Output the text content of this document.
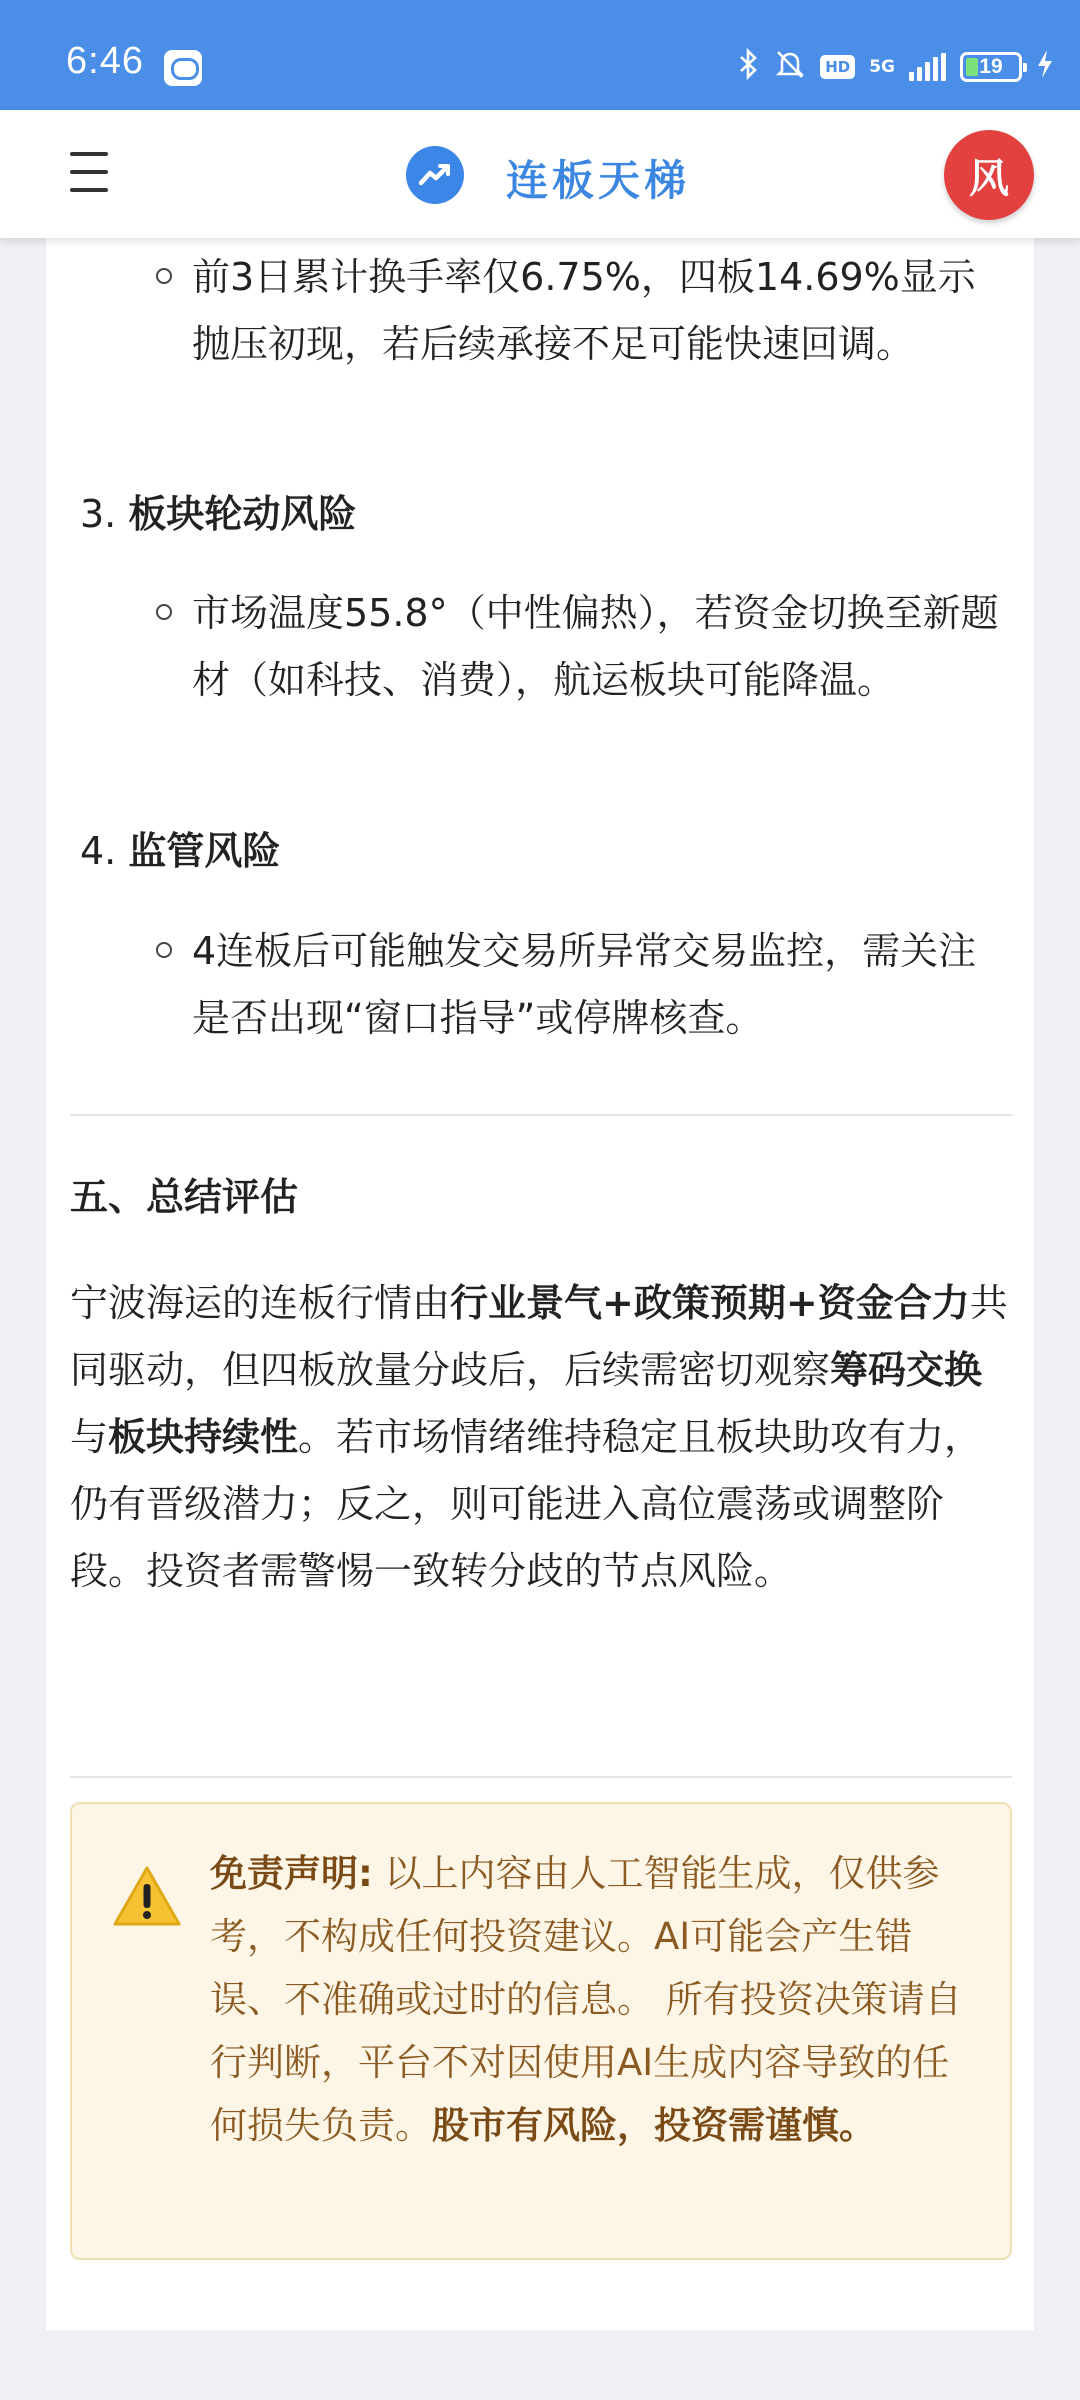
6:46	HD 5G	19
连板天梯	风
前3日累计换手率仅6.75%，四板14.69%显示抛压初现，若后续承接不足可能快速回调。
3. 板块轮动风险
市场温度55.8°（中性偏热），若资金切换至新题材（如科技、消费），航运板块可能降温。
4. 监管风险
4连板后可能触发交易所异常交易监控，需关注是否出现“窗口指导”或停牌核查。
五、总结评估
宁波海运的连板行情由行业景气+政策预期+资金合力共同驱动，但四板放量分歧后，后续需密切观察筹码交换与板块持续性。若市场情绪维持稳定且板块助攻有力，仍有晋级潜力；反之，则可能进入高位震荡或调整阶段。投资者需警惕一致转分歧的节点风险。
免责声明: 以上内容由人工智能生成，仅供参考，不构成任何投资建议。AI可能会产生错误、不准确或过时的信息。 所有投资决策请自行判断，平台不对因使用AI生成内容导致的任何损失负责。股市有风险，投资需谨慎。
